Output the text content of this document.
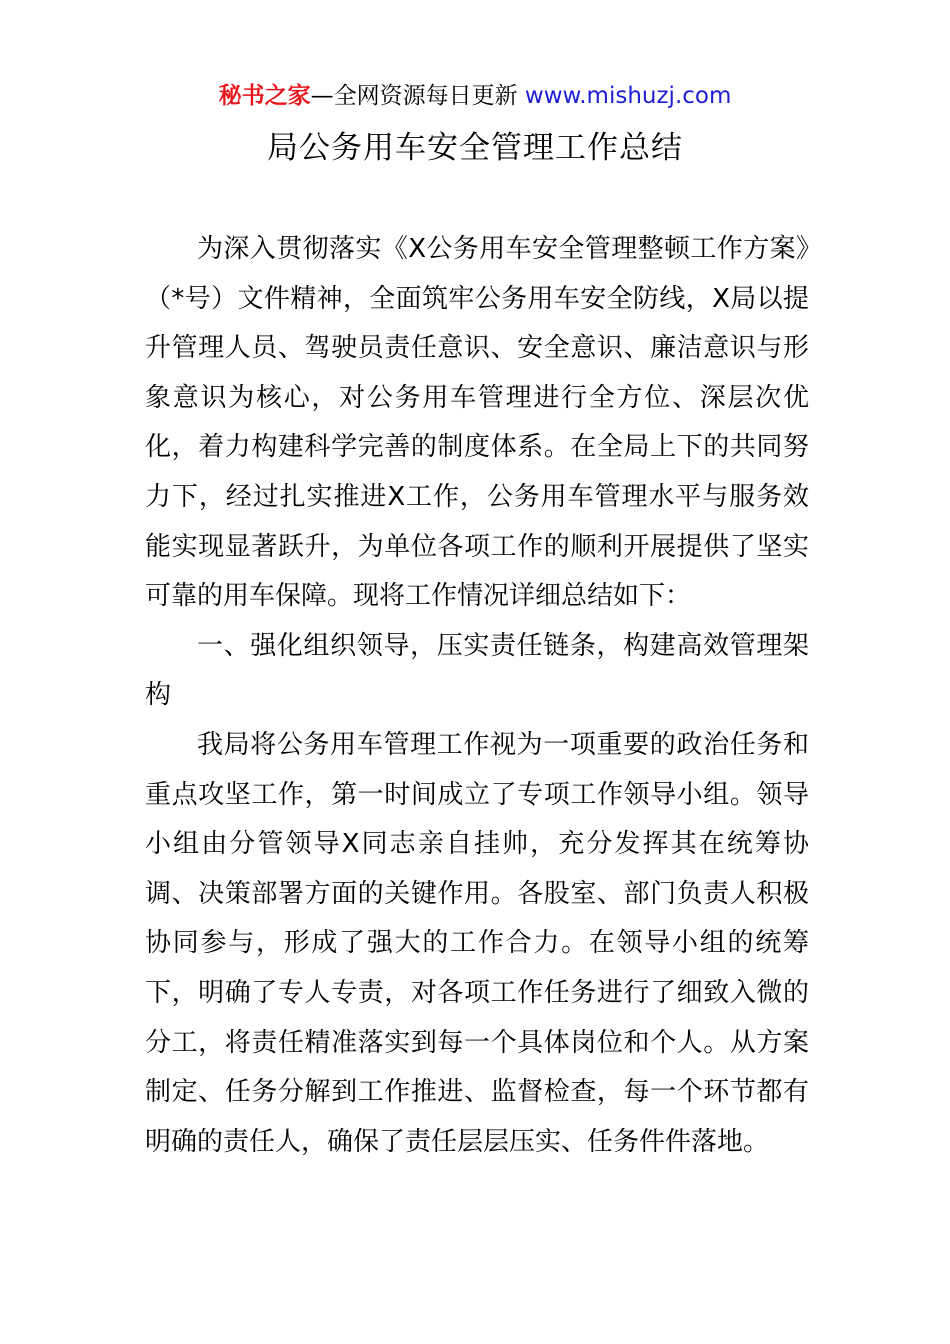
秘书之家—全网资源每日更新 www.mishuzj.com
局公务用车安全管理工作总结

为深入贯彻落实《X公务用车安全管理整顿工作方案》（*号）文件精神，全面筑牢公务用车安全防线，X局以提升管理人员、驾驶员责任意识、安全意识、廉洁意识与形象意识为核心，对公务用车管理进行全方位、深层次优化，着力构建科学完善的制度体系。在全局上下的共同努力下，经过扎实推进X工作，公务用车管理水平与服务效能实现显著跃升，为单位各项工作的顺利开展提供了坚实可靠的用车保障。现将工作情况详细总结如下：

一、强化组织领导，压实责任链条，构建高效管理架构

我局将公务用车管理工作视为一项重要的政治任务和重点攻坚工作，第一时间成立了专项工作领导小组。领导小组由分管领导X同志亲自挂帅，充分发挥其在统筹协调、决策部署方面的关键作用。各股室、部门负责人积极协同参与，形成了强大的工作合力。在领导小组的统筹下，明确了专人专责，对各项工作任务进行了细致入微的分工，将责任精准落实到每一个具体岗位和个人。从方案制定、任务分解到工作推进、监督检查，每一个环节都有明确的责任人，确保了责任层层压实、任务件件落地。
